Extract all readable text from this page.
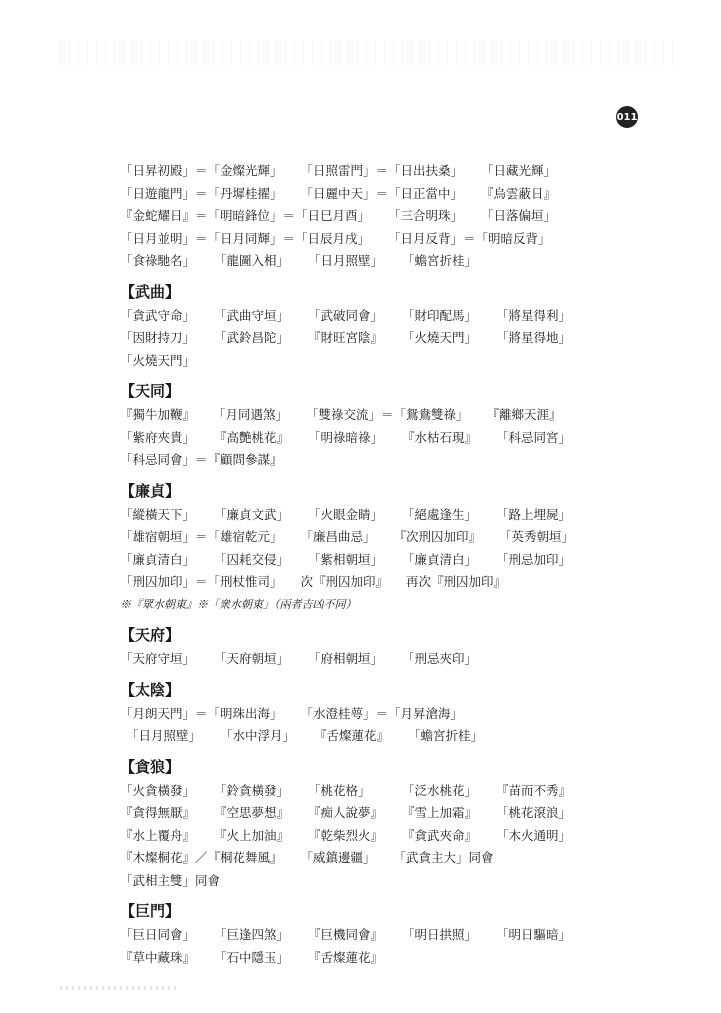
011
「日昇初殿」＝「金燦光輝」 「日照雷門」＝「日出扶桑」 「日藏光輝」
「日遊龍門」＝「丹墀桂擢」 「日麗中天」＝「日正當中」 『烏雲蔽日』
『金蛇耀日』＝「明暗鋒位」＝「日巳月酉」 「三合明珠」 「日落偏垣」
「日月並明」＝「日月同輝」＝「日辰月戌」 「日月反背」＝「明暗反背」
「食祿馳名」	「龍圖入相」	「日月照壁」	「蟾宮折桂」
【武曲】
「貪武守命」	「武曲守垣」	「武破同會」	「財印配馬」	「將星得利」
「因財持刀」	「武鈴昌陀」	『財旺宮陰』	「火燒天門」	「將星得地」
「火燒天門」
【天同】
『獨牛加鞭』 「月同遇煞」 「雙祿交流」＝「鴛鴦雙祿」 『離鄉天涯』
「紫府夾貴」	『高艷桃花』	「明祿暗祿」	『水枯石現』	「科忌同宮」
「科忌同會」＝『顧問參謀』
【廉貞】
「縱橫天下」	「廉貞文武」	「火眼金睛」	「絕處逢生」	「路上埋屍」
「雄宿朝垣」＝「雄宿乾元」 「廉昌曲忌」 『次刑囚加印』 「英秀朝垣」
「廉貞清白」	「囚耗交侵」	「紫相朝垣」	「廉貞清白」	「刑忌加印」
「刑囚加印」＝「刑杖惟司」 次『刑囚加印』 再次『刑囚加印』
※『眾水朝東』※「衆水朝東」（兩者吉凶不同）
【天府】
「天府守垣」	「天府朝垣」	「府相朝垣」	「刑忌夾印」
【太陰】
「月朗天門」＝「明珠出海」 「水澄桂萼」＝「月昇滄海」
「日月照壁」	「水中浮月」	『舌燦蓮花』	「蟾宮折桂」
【貪狼】
「火貪橫發」	「鈴貪橫發」	「桃花格」	「泛水桃花」	『苗而不秀』
『貪得無厭』	『空思夢想』	『痴人說夢』	『雪上加霜』	「桃花滾浪」
『水上覆舟』	『火上加油』	『乾柴烈火』	『貪武夾命』	「木火通明」
『木燦桐花』／『桐花舞風』 「威鎮邊疆」 「武貪主大」同會
「武相主雙」同會
【巨門】
「巨日同會」	「巨逢四煞」	『巨機同會』	「明日拱照」	「明日驅暗」
『草中藏珠』	「石中隱玉」	『舌燦蓮花』
